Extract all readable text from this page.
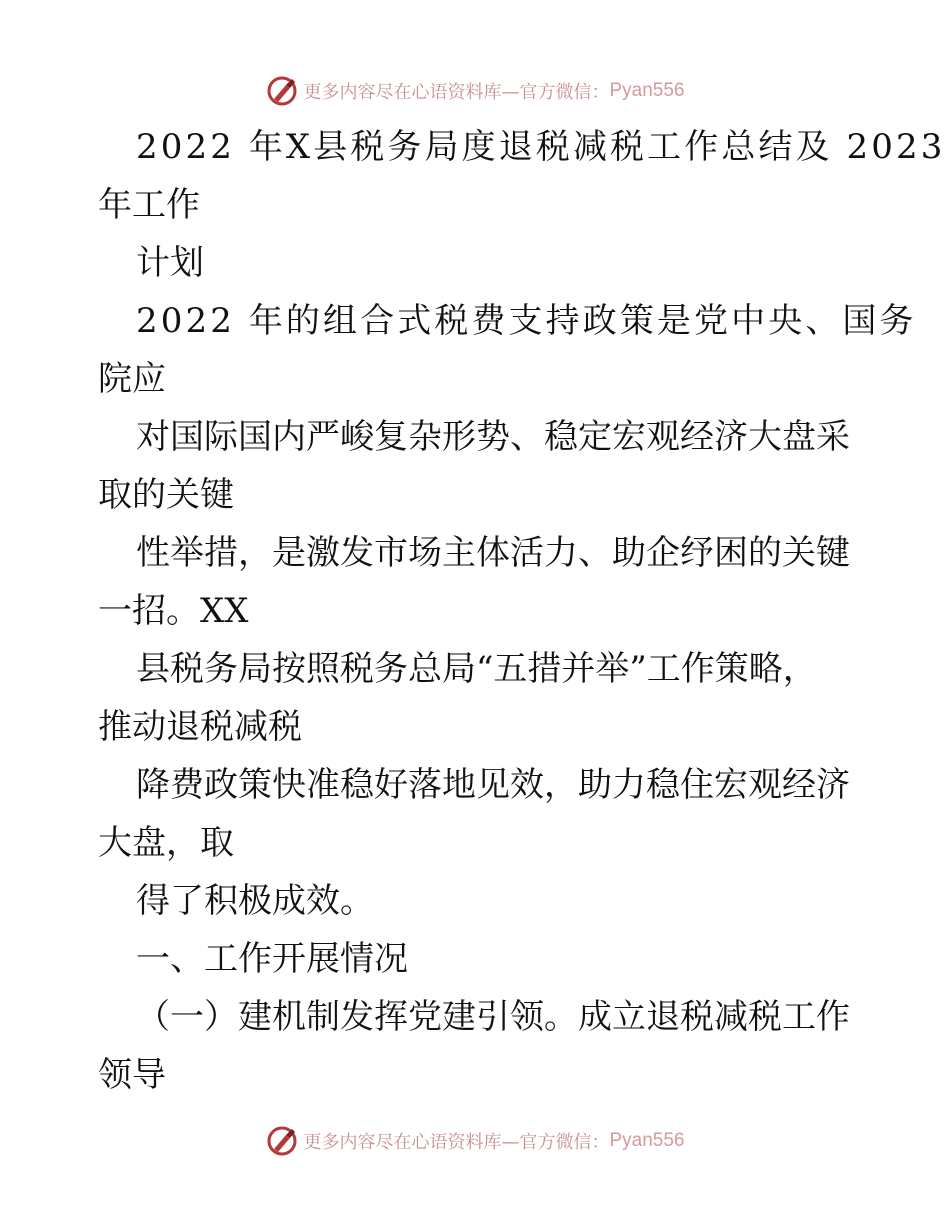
更多内容尽在心语资料库—官方微信： Pyan556
2022 年X县税务局度退税减税工作总结及 2023
年工作
计划
2022 年的组合式税费支持政策是党中央、国务
院应
对国际国内严峻复杂形势、稳定宏观经济大盘采
取的关键
性举措，是激发市场主体活力、助企纾困的关键
一招。XX
县税务局按照税务总局“五措并举”工作策略，
推动退税减税
降费政策快准稳好落地见效，助力稳住宏观经济
大盘，取
得了积极成效。
一、工作开展情况
（一）建机制发挥党建引领。成立退税减税工作
领导
更多内容尽在心语资料库—官方微信： Pyan556
